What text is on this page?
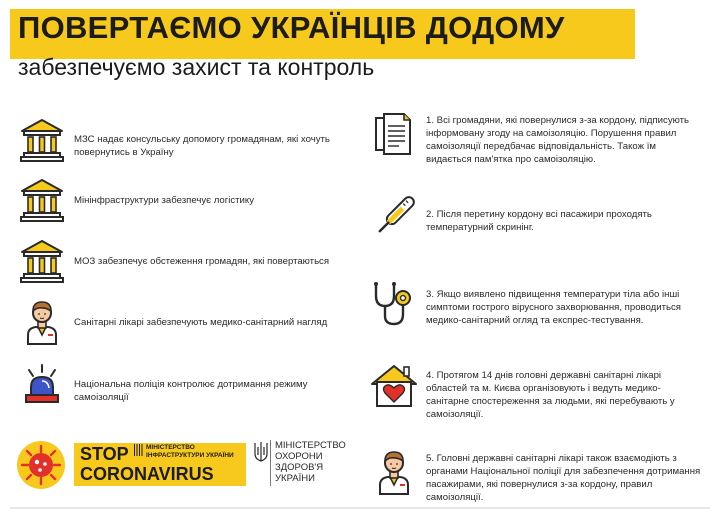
ПОВЕРТАЄМО УКРАЇНЦІВ ДОДОМУ
забезпечуємо захист та контроль
МЗС надає консульську допомогу громадянам, які хочуть повернутись в Україну
Мінінфраструктури забезпечує логістику
МОЗ забезпечує обстеження громадян, які повертаються
Санітарні лікарі забезпечують медико-санітарний нагляд
Національна поліція контролює дотримання режиму самоізоляції
1. Всі громадяни, які повернулися з-за кордону, підписують інформовану згоду на самоізоляцію. Порушення правил самоізоляції передбачає відповідальність. Також їм видається пам'ятка про самоізоляцію.
2. Після перетину кордону всі пасажири проходять температурний скринінг.
3. Якщо виявлено підвищення температури тіла або інші симптоми гострого вірусного захворювання, проводиться медико-санітарний огляд та експрес-тестування.
4. Протягом 14 днів головні державні санітарні лікарі областей та м. Києва організовують і ведуть медико-санітарне спостереження за людьми, які перебувають у самоізоляції.
5. Головні державні санітарні лікарі також взаємодіють з органами Національної поліції для забезпечення дотримання пасажирами, які повернулися з-за кордону, правил самоізоляції.
STOP
CORONAVIRUS
МІНІСТЕРСТВО
ІНФРАСТРУКТУРИ УКРАЇНИ
МІНІСТЕРСТВО
ОХОРОНИ
ЗДОРОВ'Я
УКРАЇНИ
